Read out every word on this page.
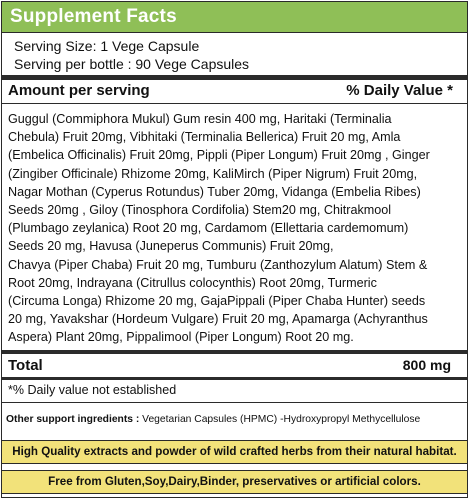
Supplement Facts
Serving Size: 1 Vege Capsule
Serving per bottle : 90 Vege Capsules
Amount per serving	% Daily Value *
Guggul (Commiphora Mukul) Gum resin 400 mg, Haritaki (Terminalia
Chebula) Fruit 20mg, Vibhitaki (Terminalia Bellerica) Fruit 20 mg, Amla
(Embelica Officinalis) Fruit 20mg, Pippli (Piper Longum) Fruit 20mg , Ginger
(Zingiber Officinale) Rhizome 20mg, KaliMirch (Piper Nigrum) Fruit 20mg,
Nagar Mothan (Cyperus Rotundus) Tuber 20mg, Vidanga (Embelia Ribes)
Seeds 20mg , Giloy (Tinosphora Cordifolia) Stem20 mg, Chitrakmool
(Plumbago zeylanica) Root 20 mg, Cardamom (Ellettaria cardemomum)
Seeds 20 mg, Havusa (Juneperus Communis) Fruit 20mg,
Chavya (Piper Chaba) Fruit 20 mg, Tumburu (Zanthozylum Alatum) Stem &
Root 20mg, Indrayana (Citrullus colocynthis) Root 20mg, Turmeric
(Circuma Longa) Rhizome 20 mg, GajaPippali (Piper Chaba Hunter) seeds
20 mg, Yavakshar (Hordeum Vulgare) Fruit 20 mg, Apamarga (Achyranthus
Aspera) Plant 20mg, Pippalimool (Piper Longum) Root 20 mg.
Total	800 mg
*% Daily value not established
Other support ingredients : Vegetarian Capsules (HPMC) -Hydroxypropyl Methycellulose
High Quality extracts and powder of wild crafted herbs from their natural habitat.
Free from Gluten,Soy,Dairy,Binder, preservatives or artificial colors.
